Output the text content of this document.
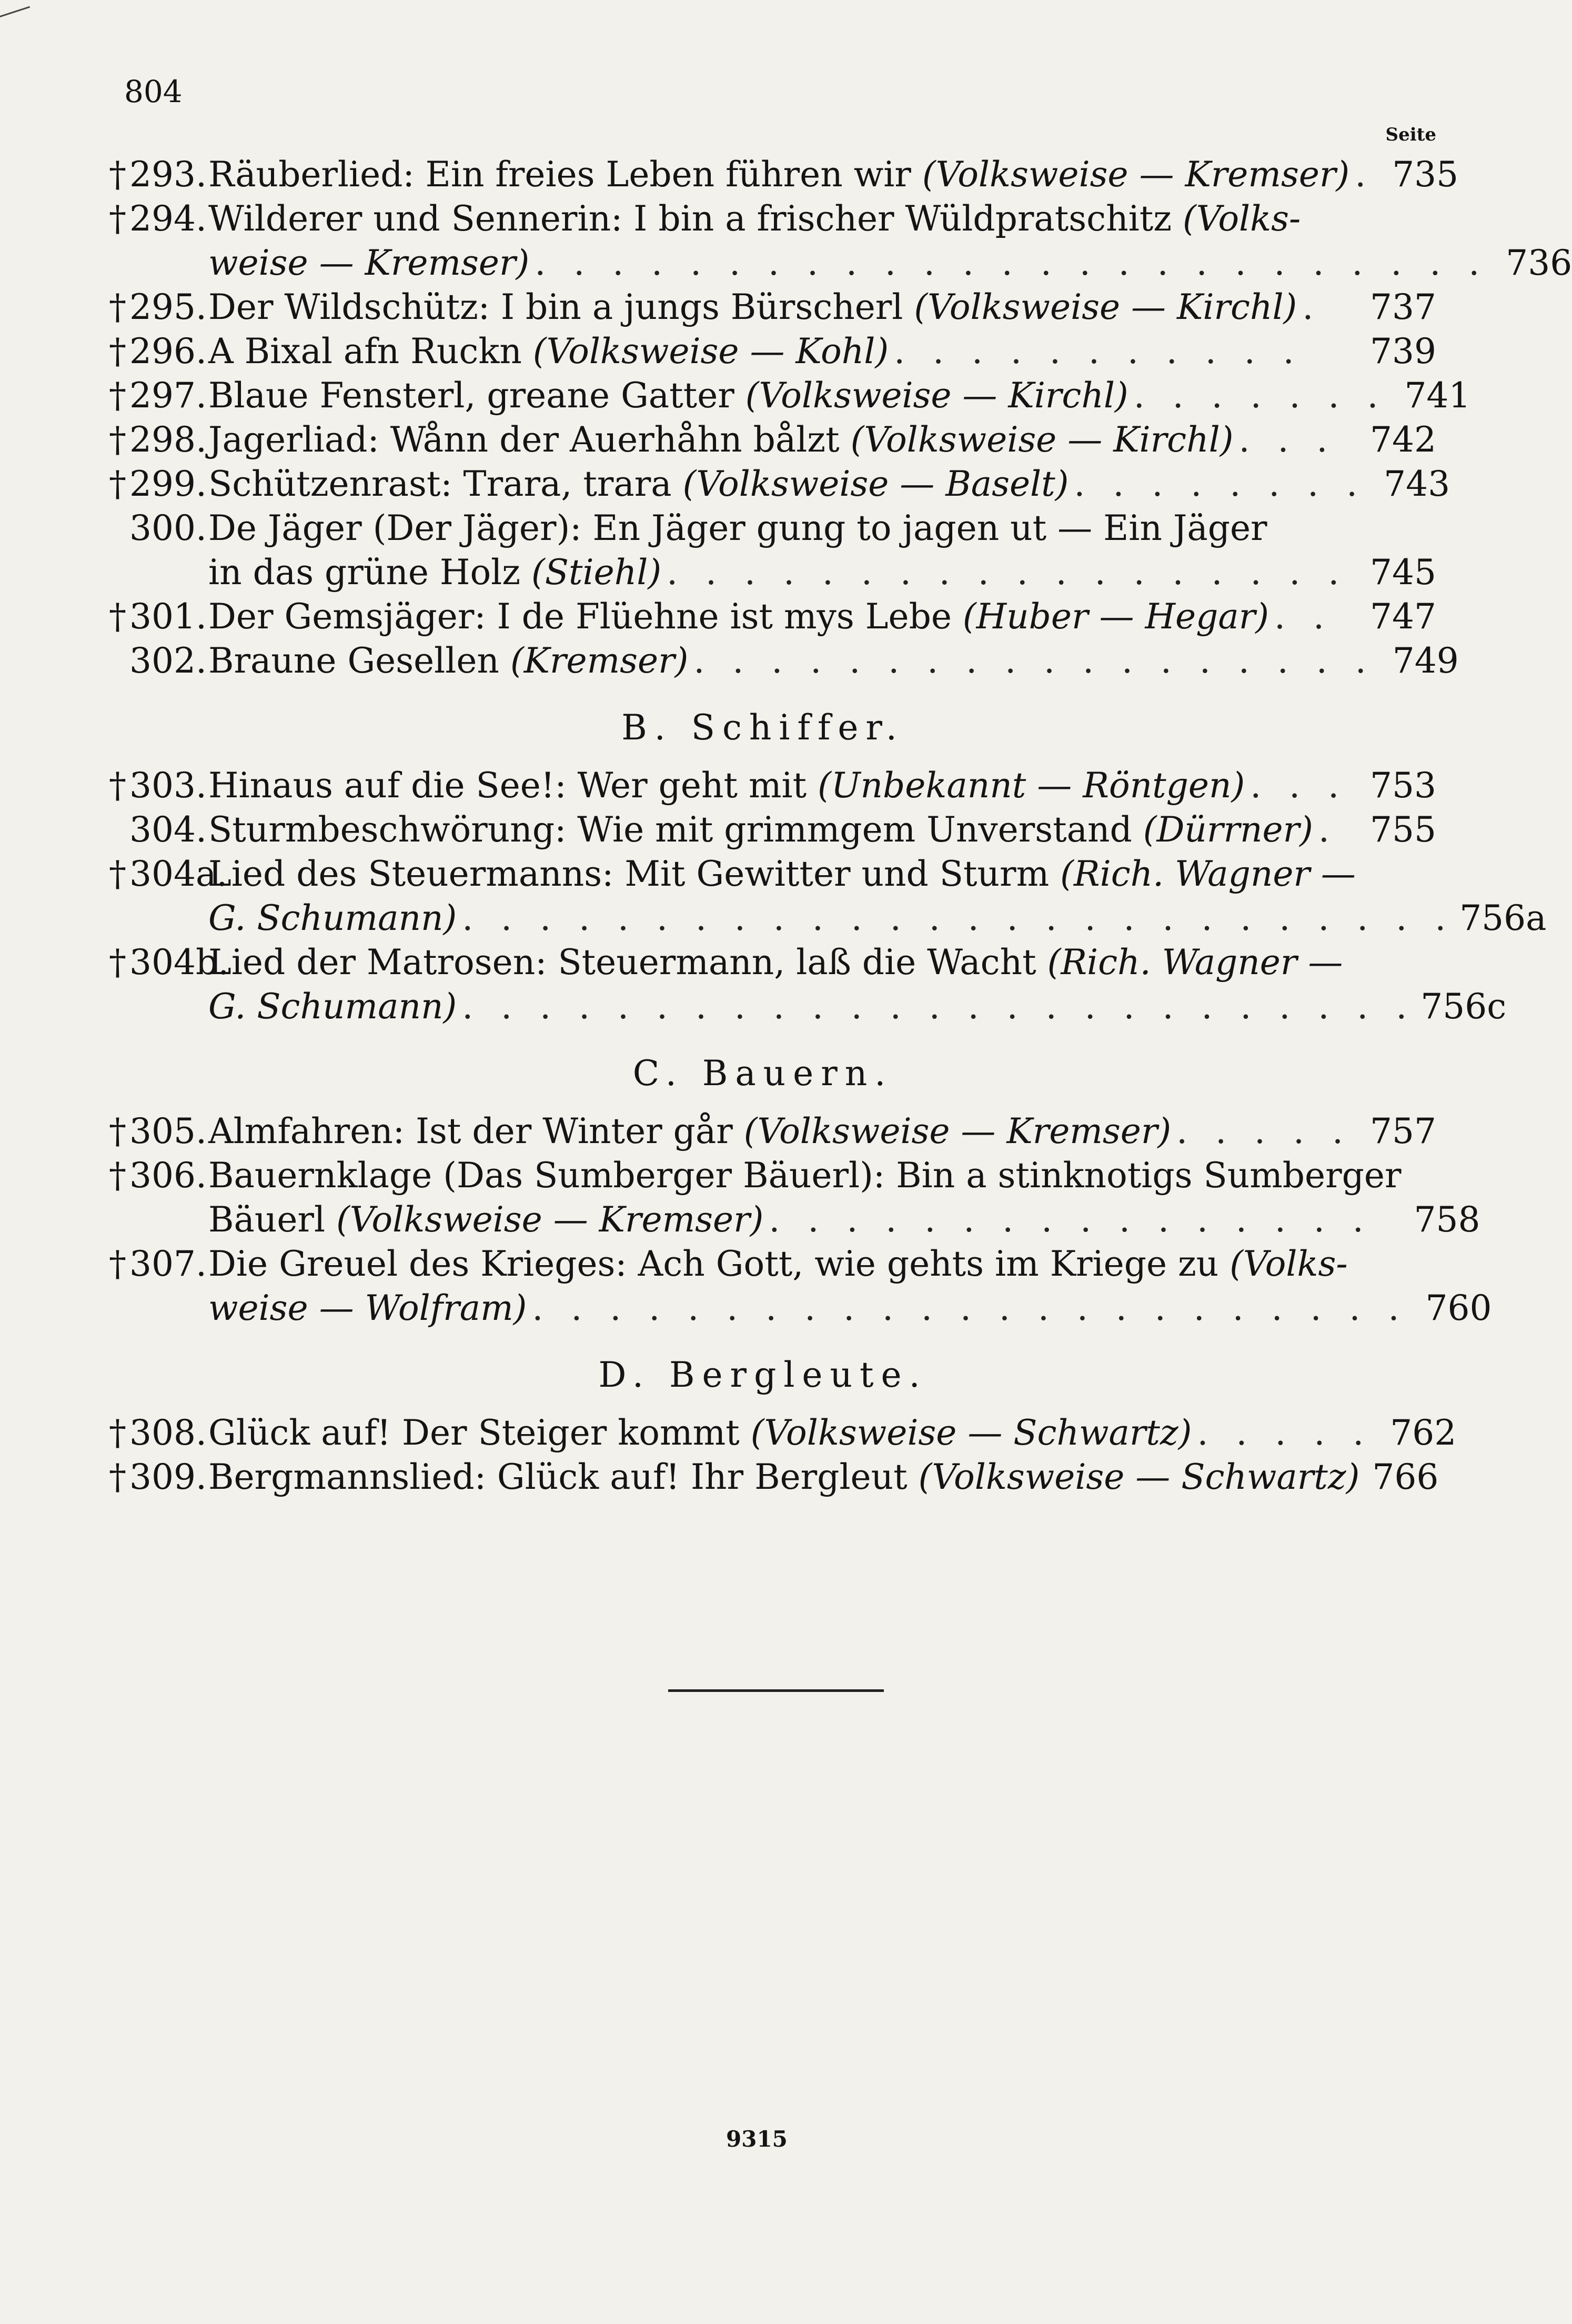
804
Seite
† 293. Räuberlied: Ein freies Leben führen wir (Volksweise — Kremser) . 735
† 294. Wilderer und Sennerin: I bin a frischer Wüldpratschitz (Volks-
weise — Kremser) . . . . . . . . . . . . . . . . . . . . . . . . . 736
† 295. Der Wildschütz: I bin a jungs Bürscherl (Volksweise — Kirchl) .	737
† 296. A Bixal afn Ruckn (Volksweise — Kohl) . . . . . . . . . . .	739
† 297. Blaue Fensterl, greane Gatter (Volksweise — Kirchl) . . . . . . . 741
† 298. Jagerliad: Wånn der Auerhåhn bålzt (Volksweise — Kirchl) . . . 742
† 299. Schützenrast: Trara, trara (Volksweise — Baselt) . . . . . . . . 743
300. De Jäger (Der Jäger): En Jäger gung to jagen ut — Ein Jäger
in das grüne Holz (Stiehl) . . . . . . . . . . . . . . . . . . 745
† 301. Der Gemsjäger: I de Flüehne ist mys Lebe (Huber — Hegar) . .	747
302. Braune Gesellen (Kremser) . . . . . . . . . . . . . . . . . . 749
B. Schiffer.
† 303. Hinaus auf die See!: Wer geht mit (Unbekannt — Röntgen) . . . 753
304. Sturmbeschwörung: Wie mit grimmgem Unverstand (Dürrner) . 755
† 304a.
Lied des Steuermanns: Mit Gewitter und Sturm (Rich. Wagner —
G. Schumann) . . . . . . . . . . . . . . . . . . . . . . . . . . 756a
† 304b.
Lied der Matrosen: Steuermann, laß die Wacht (Rich. Wagner —
G. Schumann) . . . . . . . . . . . . . . . . . . . . . . . . . 756c
C. Bauern.
† 305. Almfahren: Ist der Winter går (Volksweise — Kremser) . . . . . 757
† 306. Bauernklage (Das Sumberger Bäuerl): Bin a stinknotigs Sumberger
Bäuerl (Volksweise — Kremser) . . . . . . . . . . . . . . . .	758
† 307. Die Greuel des Krieges: Ach Gott, wie gehts im Kriege zu (Volks-
weise — Wolfram) . . . . . . . . . . . . . . . . . . . . . . . 760
D. Bergleute.
† 308. Glück auf! Der Steiger kommt (Volksweise — Schwartz) . . . . . 762
† 309. Bergmannslied: Glück auf! Ihr Bergleut (Volksweise — Schwartz) 766
9315
